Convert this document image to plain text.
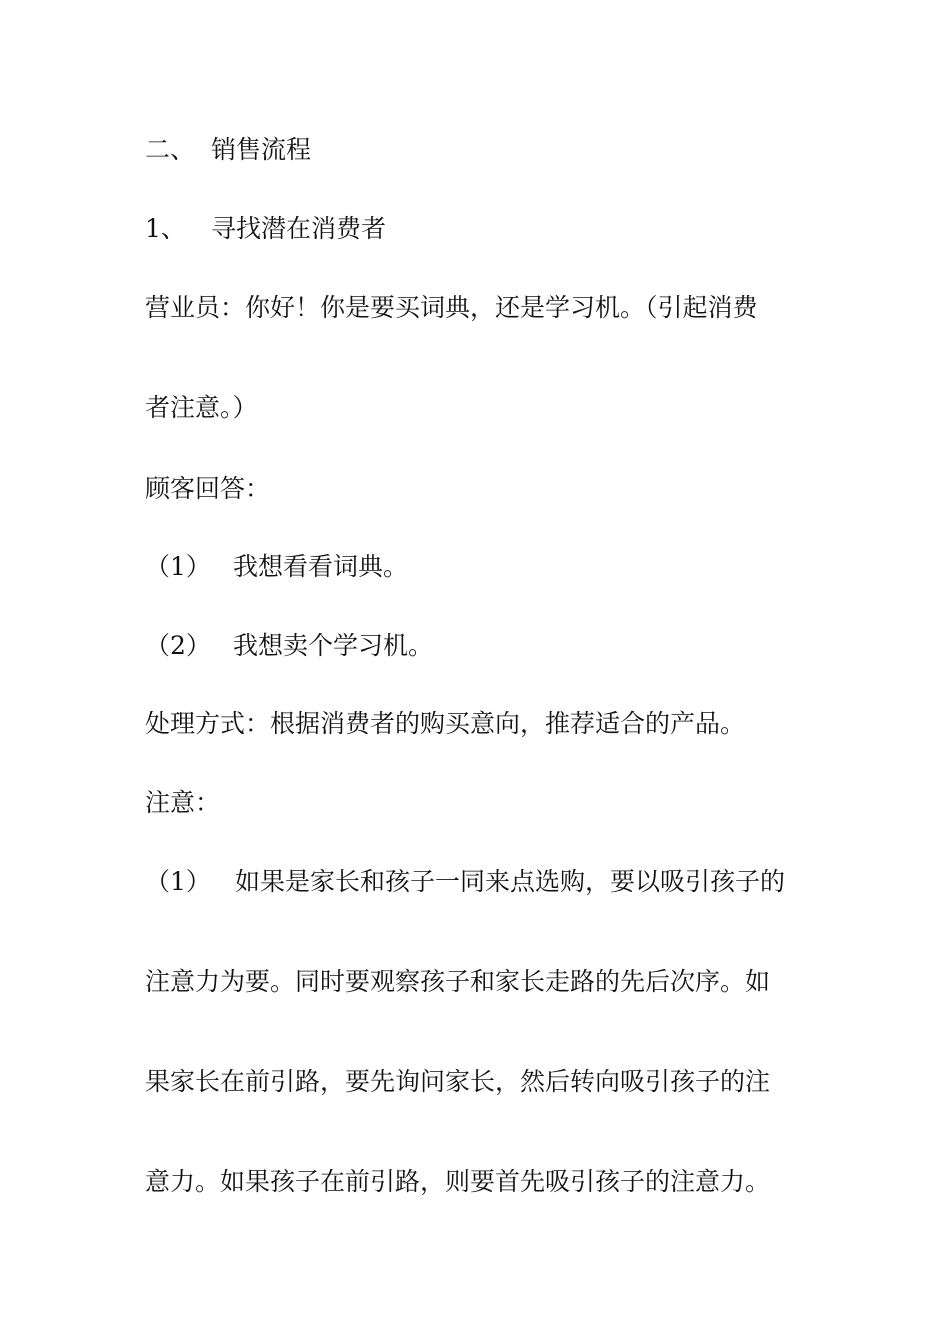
二、 销售流程
1、 寻找潜在消费者
营业员：你好！你是要买词典，还是学习机。（引起消费
者注意。）
顾客回答：
（1） 我想看看词典。
（2） 我想卖个学习机。
处理方式：根据消费者的购买意向，推荐适合的产品。
注意：
（1） 如果是家长和孩子一同来点选购，要以吸引孩子的
注意力为要。同时要观察孩子和家长走路的先后次序。如
果家长在前引路，要先询问家长，然后转向吸引孩子的注
意力。如果孩子在前引路，则要首先吸引孩子的注意力。
